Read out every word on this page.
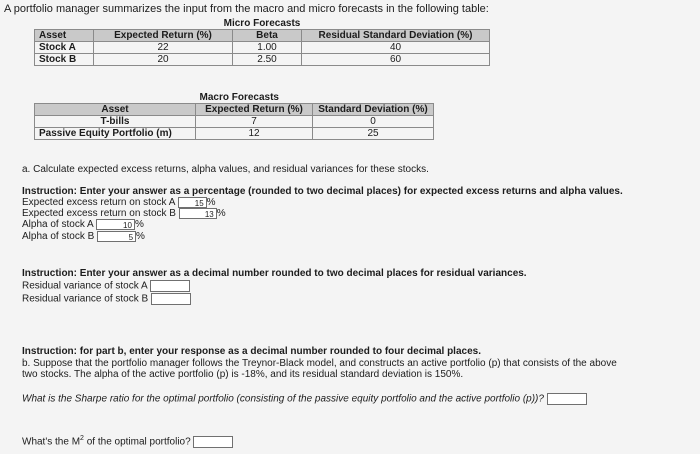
A portfolio manager summarizes the input from the macro and micro forecasts in the following table:
Micro Forecasts			
Asset	Expected Return (%)	Beta	Residual Standard Deviation (%)
Stock A	22	1.00	40
Stock B	20	2.50	60
	Macro Forecasts	
Asset	Expected Return (%)	Standard Deviation (%)
T-bills	7	0
Passive Equity Portfolio (m)	12	25
a. Calculate expected excess returns, alpha values, and residual variances for these stocks.
Instruction: Enter your answer as a percentage (rounded to two decimal places) for expected excess returns and alpha values.
Expected excess return on stock A 15 %
Expected excess return on stock B	13 %
Alpha of stock A	10 %
Alpha of stock B	5 %
Instruction: Enter your answer as a decimal number rounded to two decimal places for residual variances.
Residual variance of stock A
Residual variance of stock B
Instruction: for part b, enter your response as a decimal number rounded to four decimal places.
b. Suppose that the portfolio manager follows the Treynor-Black model, and constructs an active portfolio (p) that consists of the above
two stocks. The alpha of the active portfolio (p) is -18%, and its residual standard deviation is 150%.
What is the Sharpe ratio for the optimal portfolio (consisting of the passive equity portfolio and the active portfolio (p))?
What's the $M^2$ of the optimal portfolio?
